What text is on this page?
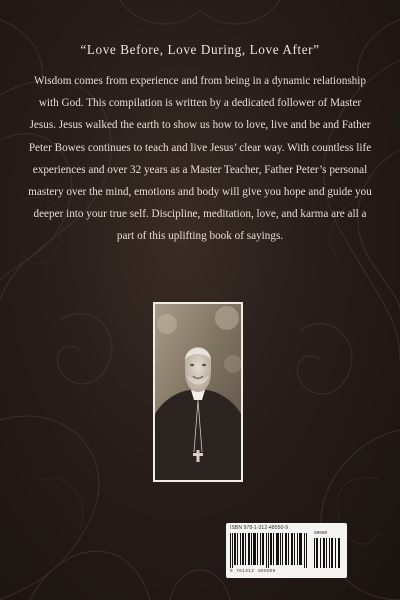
“Love Before, Love During, Love After”
Wisdom comes from experience and from being in a dynamic relationship with God. This compilation is written by a dedicated follower of Master Jesus. Jesus walked the earth to show us how to love, live and be and Father Peter Bowes continues to teach and live Jesus’ clear way. With countless life experiences and over 32 years as a Master Teacher, Father Peter’s personal mastery over the mind, emotions and body will give you hope and guide you deeper into your true self. Discipline, meditation, love, and karma are all a part of this uplifting book of sayings.
ISBN 978-1-312-48550-9
90000
9 781312 485509
